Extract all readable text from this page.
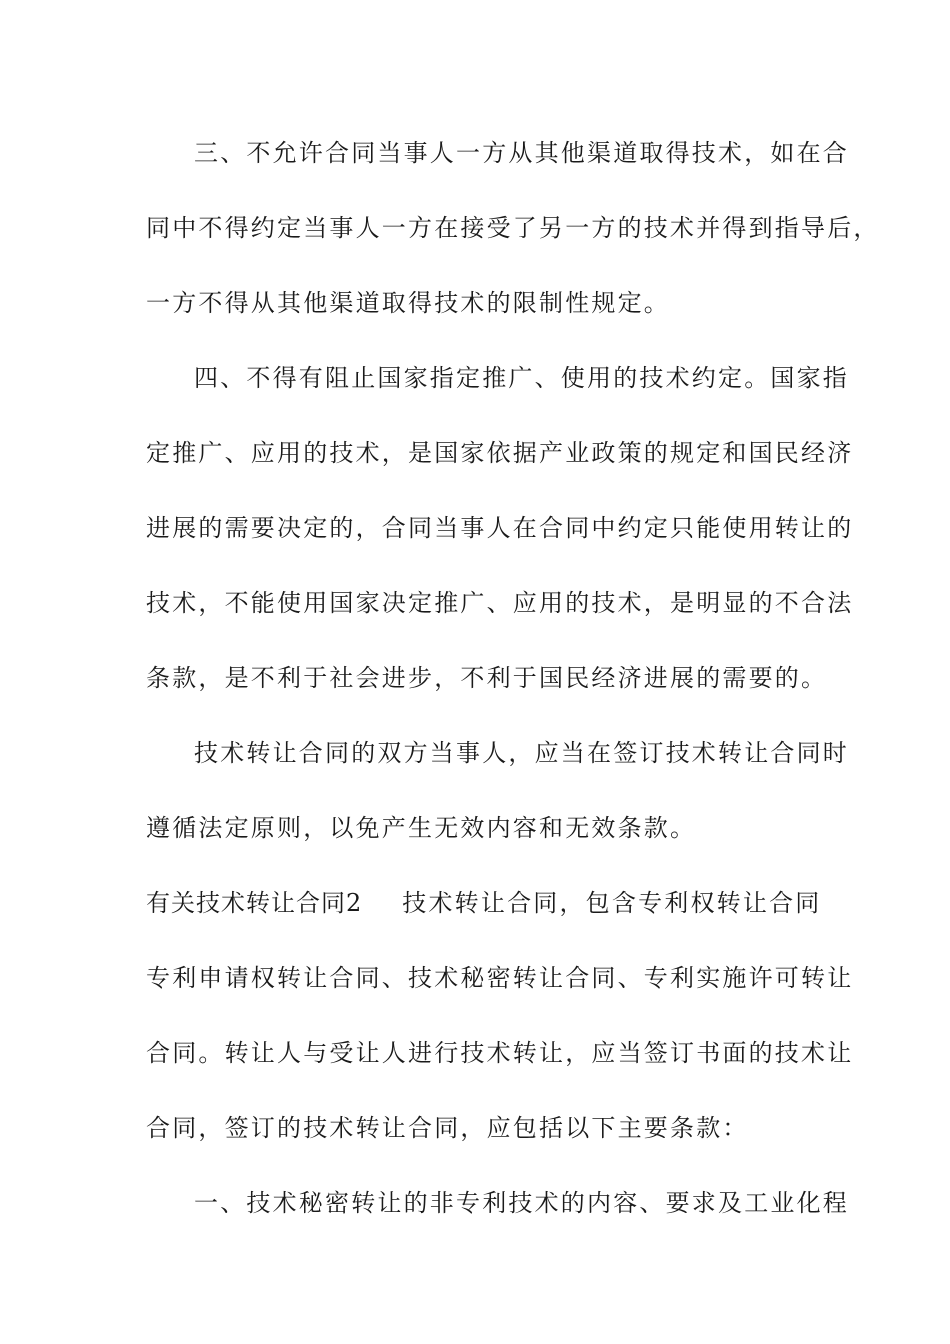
三、不允许合同当事人一方从其他渠道取得技术，如在合
同中不得约定当事人一方在接受了另一方的技术并得到指导后，
一方不得从其他渠道取得技术的限制性规定。
四、不得有阻止国家指定推广、使用的技术约定。国家指
定推广、应用的技术，是国家依据产业政策的规定和国民经济
进展的需要决定的，合同当事人在合同中约定只能使用转让的
技术，不能使用国家决定推广、应用的技术，是明显的不合法
条款，是不利于社会进步，不利于国民经济进展的需要的。
技术转让合同的双方当事人，应当在签订技术转让合同时
遵循法定原则，以免产生无效内容和无效条款。
有关技术转让合同2 技术转让合同，包含专利权转让合同
专利申请权转让合同、技术秘密转让合同、专利实施许可转让
合同。转让人与受让人进行技术转让，应当签订书面的技术让
合同，签订的技术转让合同，应包括以下主要条款：
一、技术秘密转让的非专利技术的内容、要求及工业化程
